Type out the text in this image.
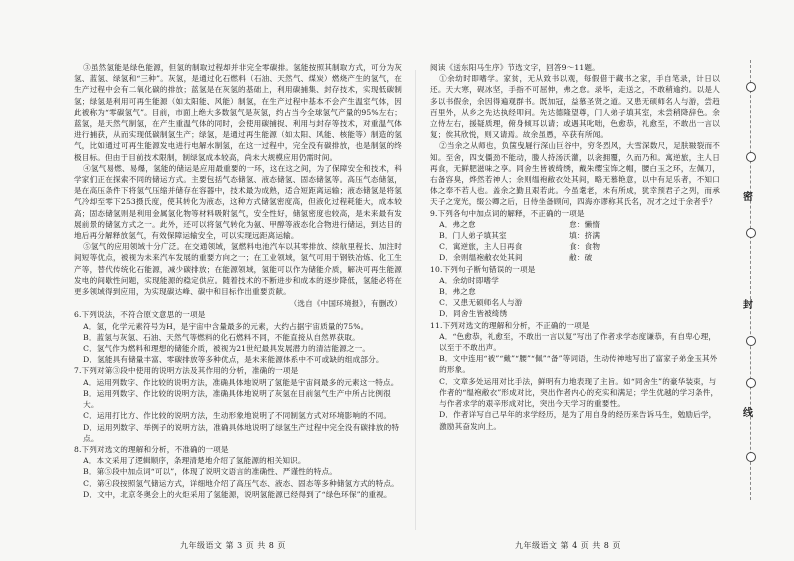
③虽然氢能是绿色能源，但氢的制取过程却并非完全零碳排。氢能按照其制取方式，可分为灰氢、蓝氢、绿氢和“三种”。灰氢，是通过化石燃料（石油、天然气、煤炭）燃烧产生的氢气，在生产过程中会有二氧化碳的排放；蓝氢是在灰氢的基础上，利用碳捕集、封存技术，实现低碳制氢；绿氢是利用可再生能源（如太阳能、风能）制氢，在生产过程中基本不会产生温室气体，因此被称为“零碳氢气”。目前，市面上绝大多数氢气是灰氢，约占当今全球氢气产量的95%左右；蓝氢，是天然气制氢，在产生重温气体的同时，会使用碳捕捉、利用与封存等技术，对重温气体进行捕获，从而实现低碳制氢生产；绿氢，是通过再生能源（如太阳、风能、核能等）制造的氢气，比如通过可再生能源发电进行电解水制氢，在这一过程中，完全没有碳排放，也是制氢的终极目标。但由于目前技术限制，制绿氢成本较高，尚未大规模应用仍需时间。

④氢气易燃、易爆，氢能的储运是应用最重要的一环，这在这之间，为了保障安全和技术，科学家们正在探索不同的储运方式。主要包括气态储氢、液态储氢、固态储氢等。高压气态储氢，是在高压条件下将氢气压缩并储存在容器中，技术最为成熟，适合短距离运输；液态储氢是将氢气冷却至零下253摄氏度，使其转化为液态，这种方式储氢密度高，但液化过程耗能大，成本较高；固态储氢则是利用金属氢化物等材料吸附氢气，安全性好，储氢密度也较高，是未来最有发展前景的储氢方式之一。此外，还可以将氢气转化为氨、甲醇等液态化合物进行储运，到达目的地后再分解释放氢气，有效保障运输安全，可以实现远距离运输。

⑤氢气的应用领域十分广泛。在交通领域，氢燃料电池汽车以其零排放、续航里程长、加注时间短等优点，被视为未来汽车发展的重要方向之一；在工业领域，氢气可用于钢铁冶炼、化工生产等，替代传统化石能源，减少碳排放；在能源领域，氢能可以作为储能介质，解决可再生能源发电的间歇性问题，实现能源的稳定供应。随着技术的不断进步和成本的逐步降低，氢能必将在更多领域得到应用，为实现碳达峰、碳中和目标作出重要贡献。

（选自《中国环境报》，有删改）

6.下列说法，不符合原文意思的一项是

A．氢，化学元素符号为H，是宇宙中含量最多的元素，大约占据宇宙质量的75%。

B．蓝氢与灰氢、石油、天然气等燃料的化石燃料不同，不能直接从自然界获取。

C．氢气作为燃料和理想的储能介质，被视为21世纪最具发展潜力的清洁能源之一。

D．氢能具有储量丰富、零碳排放等多种优点，是未来能源体系中不可或缺的组成部分。

7.下列对第③段中使用的说明方法及其作用的分析，准确的一项是

A．运用列数字、作比较的说明方法，准确具体地说明了氢能是宇宙间最多的元素这一特点。

B．运用列数字、作比较的说明方法，准确具体地说明了灰氢在目前氢气生产中所占比例很大。

C．运用打比方、作比较的说明方法，生动形象地说明了不同制氢方式对环境影响的不同。

D．运用列数字、举例子的说明方法，准确具体地说明了绿氢生产过程中完全没有碳排放的特点。

8.下列对选文的理解和分析，不准确的一项是

A．本文采用了逻辑顺序，条理清楚地介绍了氢能源的相关知识。

B．第⑤段中加点词“可以”，体现了说明文语言的准确性、严谨性的特点。

C．第④段按照氢气储运方式，详细地介绍了高压气态、液态、固态等多种储氢方式的特点。

D．文中，北京冬奥会上的火炬采用了氢能源，说明氢能源已经得到了“绿色环保”的重视。

阅读《送东阳马生序》节选文字，回答9～11题。

①余幼时即嗜学。家贫，无从致书以观，每假借于藏书之家，手自笔录，计日以还。天大寒，砚冰坚，手指不可屈伸，弗之怠。录毕，走送之，不敢稍逾约。以是人多以书假余，余因得遍观群书。既加冠，益慕圣贤之道。又患无硕师名人与游，尝趋百里外，从乡之先达执经叩问。先达德隆望尊，门人弟子填其室，未尝稍降辞色。余立侍左右，援疑质理，俯身倾耳以请；或遇其叱咄，色愈恭，礼愈至，不敢出一言以复；俟其欣悦，则又请焉。故余虽愚，卒获有所闻。

②当余之从师也，负箧曳屣行深山巨谷中，穷冬烈风，大雪深数尺，足肤皲裂而不知。至舍，四支僵劲不能动，媵人持汤沃灌，以衾拥覆，久而乃和。寓逆旅，主人日再食，无鲜肥滋味之享。同舍生皆被绮绣，戴朱缨宝饰之帽，腰白玉之环，左佩刀，右备容臭，烨然若神人；余则缊袍敝衣处其间，略无慕艳意，以中有足乐者，不知口体之奉不若人也。盖余之勤且艰若此。今虽耄老，未有所成，犹幸预君子之列，而承天子之宠光，缀公卿之后，日侍坐备顾问，四海亦谬称其氏名，况才之过于余者乎？

9.下列各句中加点词的解释，不正确的一项是

A．弗之怠	怠：懒惰
B．门人弟子填其室	填：挤满
C．寓逆旅，主人日再食	食：食物
D．余则缊袍敝衣处其间	敝：破

10.下列句子断句错误的一项是

A．余幼时即嗜学

B．弗之怠

C．又患无硕师名人与游

D．同舍生皆被绮绣

11.下列对选文的理解和分析，不正确的一项是

A．“色愈恭，礼愈至，不敢出一言以复”写出了作者求学态度谦恭，有自卑心理，以至于不敢出声。

B．文中连用“被”“戴”“腰”“佩”“备”等词语，生动传神地写出了富家子弟金玉其外的形象。

C．文章多处运用对比手法，鲜明有力地表现了主旨。如“同舍生”的豪华装束，与作者的“缊袍敝衣”形成对比，突出作者内心的充实和满足；学生优越的学习条件，与作者求学的艰辛形成对比，突出今天学习的重要性。

D．作者详写自己早年的求学经历，是为了用自身的经历来告诉马生，勉励后学，激励其奋发向上。

九年级语文 第 3 页 共 8 页	九年级语文 第 4 页 共 8 页
密
封
线
